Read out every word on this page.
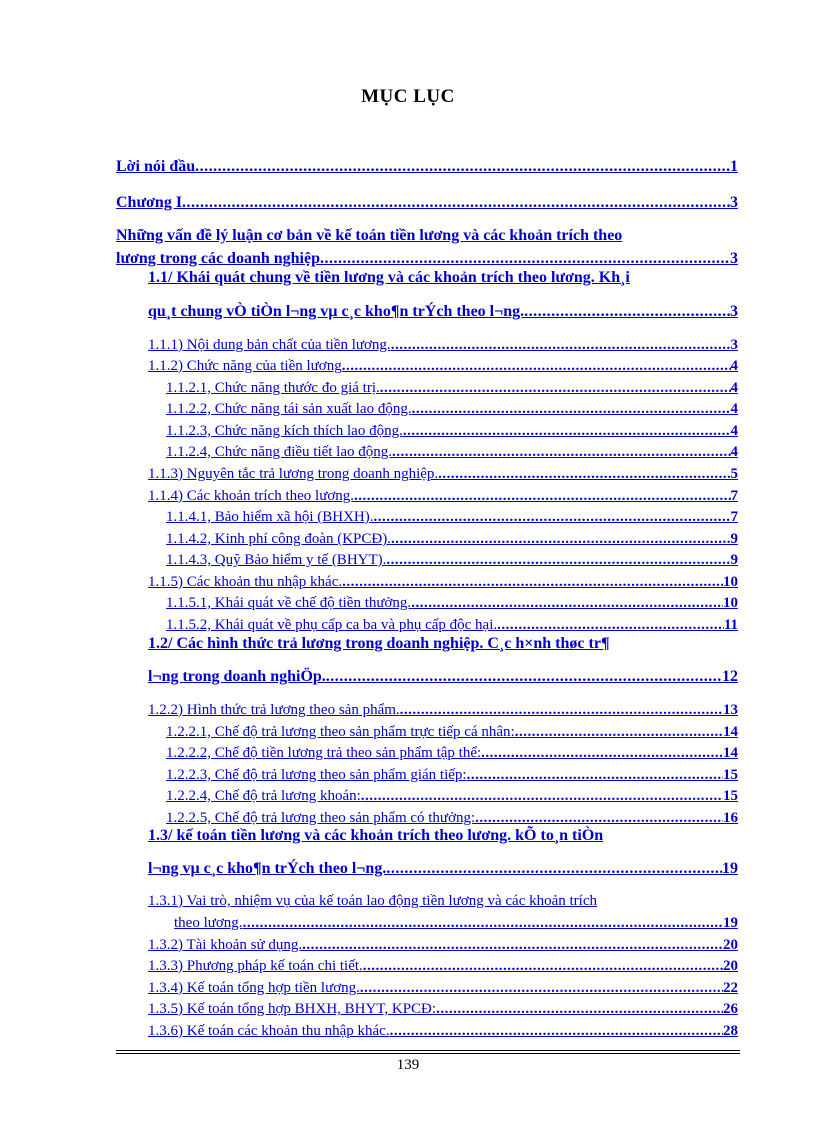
MỤC LỤC
Lời nói đầu .....	1
Chương I .....	3
Những vấn đề lý luận cơ bản về kế toán tiền lương và các khoản trích theo
lương trong các doanh nghiệp .....	3
1.1/ Khái quát chung về tiền lương và các khoản trích theo lương. Kh¸i
qu¸t chung vÒ tiÒn l¬ng vµ c¸c kho¶n trÝch theo l¬ng. .....	3
1.1.1) Nội dung bản chất của tiền lương. .....	3
1.1.2) Chức năng của tiền lương .....	4
1.1.2.1, Chức năng thước đo giá trị. .....	4
1.1.2.2, Chức năng tái sản xuất lao động. .....	4
1.1.2.3, Chức năng kích thích lao động. .....	4
1.1.2.4, Chức năng điều tiết lao động. .....	4
1.1.3) Nguyên tắc trả lương trong doanh nghiệp. .....	5
1.1.4) Các khoản trích theo lương. .....	7
1.1.4.1, Bảo hiểm xã hội (BHXH). .....	7
1.1.4.2, Kinh phí công đoàn (KPCĐ). .....	9
1.1.4.3, Quỹ Bảo hiểm y tế (BHYT). .....	9
1.1.5) Các khoản thu nhập khác. .....	10
1.1.5.1, Khái quát về chế độ tiền thưởng. .....	10
1.1.5.2, Khái quát về phụ cấp ca ba và phụ cấp độc hại. .....	11
1.2/ Các hình thức trả lương trong doanh nghiệp. C¸c h×nh thøc tr¶
l¬ng trong doanh nghiÖp. .....	12
1.2.2) Hình thức trả lương theo sản phẩm. .....	13
1.2.2.1, Chế độ trả lương theo sản phẩm trực tiếp cá nhân: .....	14
1.2.2.2, Chế độ tiền lương trả theo sản phẩm tập thể: .....	14
1.2.2.3, Chế độ trả lương theo sản phẩm gián tiếp: .....	15
1.2.2.4, Chế độ trả lương khoán: .....	15
1.2.2.5, Chế độ trả lương theo sản phẩm có thưởng: .....	16
1.3/ kế toán tiền lương và các khoản trích theo lương. kÕ to¸n tiÒn
l¬ng vµ c¸c kho¶n trÝch theo l¬ng. .....	19
1.3.1) Vai trò, nhiệm vụ của kế toán lao động tiền lương và các khoản trích
theo lương. .....	19
1.3.2) Tài khoản sử dụng. .....	20
1.3.3) Phương pháp kế toán chi tiết. .....	20
1.3.4) Kế toán tổng hợp tiền lương. .....	22
1.3.5) Kế toán tổng hợp BHXH, BHYT, KPCĐ: .....	26
1.3.6) Kế toán các khoản thu nhập khác. .....	28
139
